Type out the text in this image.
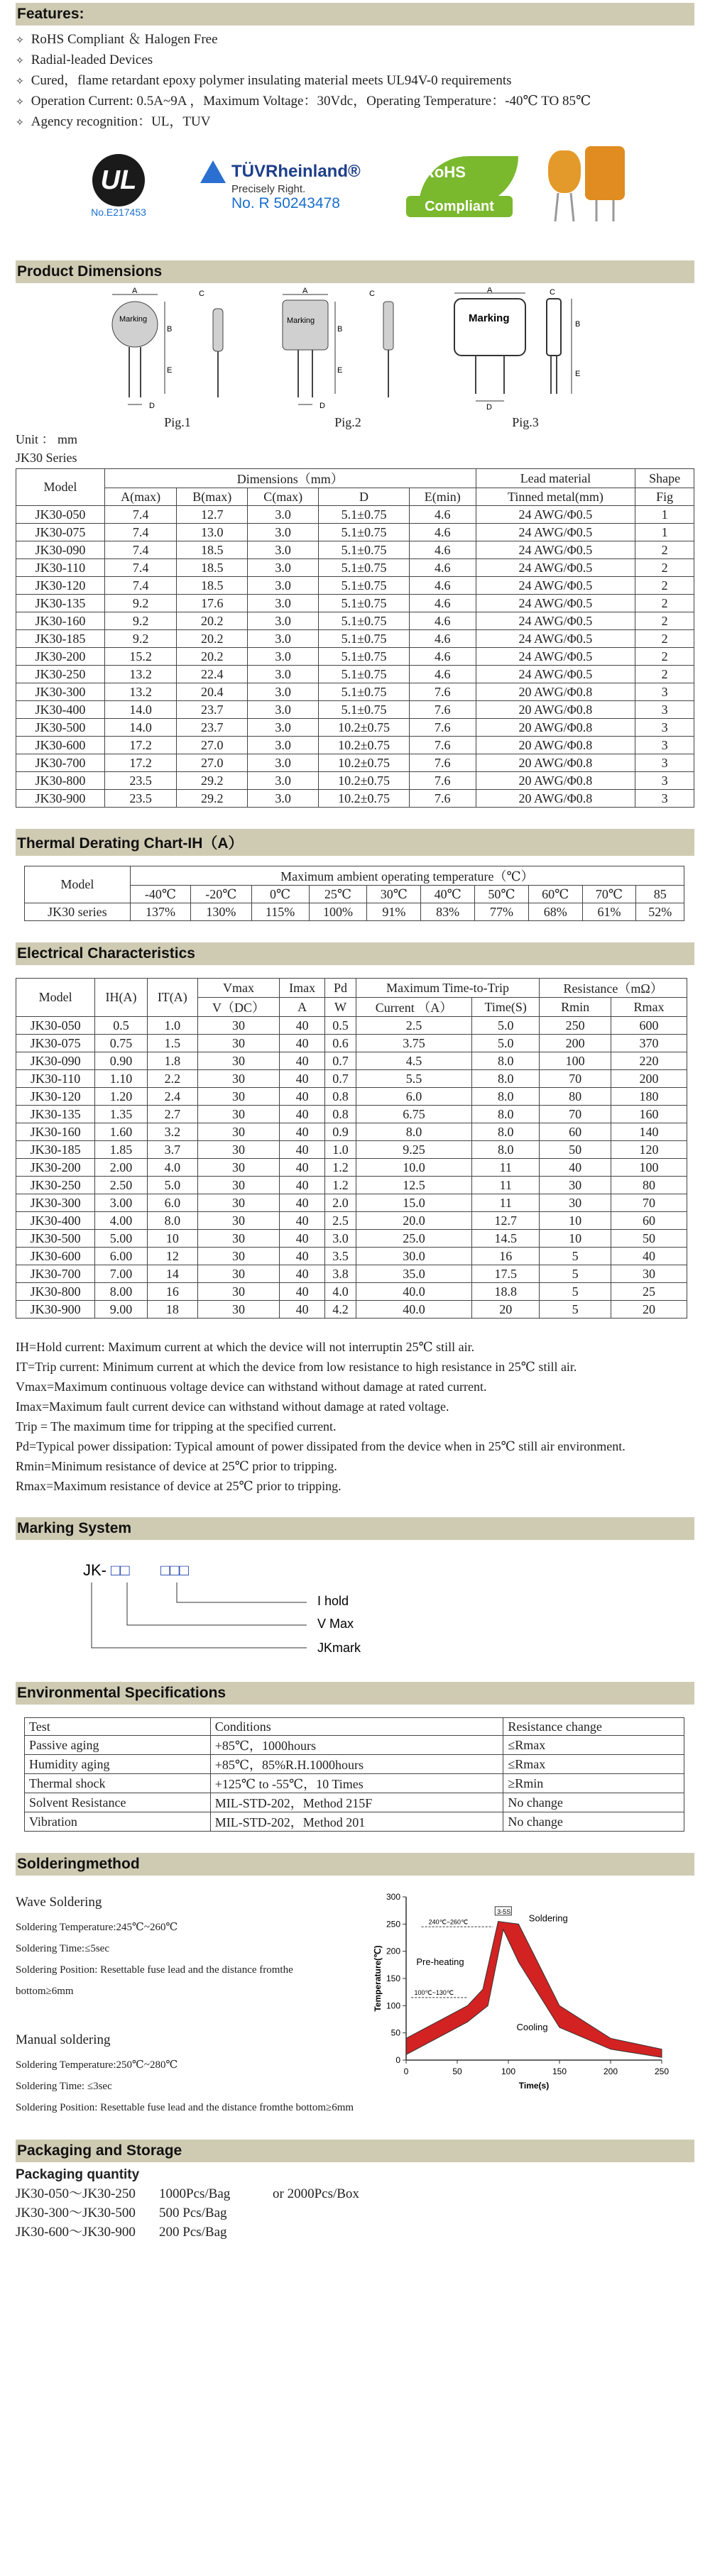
Features:
✧ RoHS Compliant ＆ Halogen Free
✧ Radial-leaded Devices
✧ Cured，flame retardant epoxy polymer insulating material meets UL94V-0 requirements
✧ Operation Current: 0.5A~9A ，Maximum Voltage：30Vdc，Operating Temperature：-40℃ TO 85℃
✧ Agency recognition：UL，TUV
UL
No.E217453
TÜVRheinland®
Precisely Right.
No. R 50243478
RoHS
Compliant
Product Dimensions
A
Marking
B
E
D
C
Pig.1
A
Marking
B
E
D
C
Pig.2
A
Marking
D
C
B
E
Pig.3
Unit ： mm
JK30 Series
Model	Dimensions（mm）					Lead material	Shape
	A(max)	B(max)	C(max)	D	E(min)	Tinned metal(mm)	Fig
JK30-050	7.4	12.7	3.0	5.1±0.75	4.6	24 AWG/Φ0.5	1
JK30-075	7.4	13.0	3.0	5.1±0.75	4.6	24 AWG/Φ0.5	1
JK30-090	7.4	18.5	3.0	5.1±0.75	4.6	24 AWG/Φ0.5	2
JK30-110	7.4	18.5	3.0	5.1±0.75	4.6	24 AWG/Φ0.5	2
JK30-120	7.4	18.5	3.0	5.1±0.75	4.6	24 AWG/Φ0.5	2
JK30-135	9.2	17.6	3.0	5.1±0.75	4.6	24 AWG/Φ0.5	2
JK30-160	9.2	20.2	3.0	5.1±0.75	4.6	24 AWG/Φ0.5	2
JK30-185	9.2	20.2	3.0	5.1±0.75	4.6	24 AWG/Φ0.5	2
JK30-200	15.2	20.2	3.0	5.1±0.75	4.6	24 AWG/Φ0.5	2
JK30-250	13.2	22.4	3.0	5.1±0.75	4.6	24 AWG/Φ0.5	2
JK30-300	13.2	20.4	3.0	5.1±0.75	7.6	20 AWG/Φ0.8	3
JK30-400	14.0	23.7	3.0	5.1±0.75	7.6	20 AWG/Φ0.8	3
JK30-500	14.0	23.7	3.0	10.2±0.75	7.6	20 AWG/Φ0.8	3
JK30-600	17.2	27.0	3.0	10.2±0.75	7.6	20 AWG/Φ0.8	3
JK30-700	17.2	27.0	3.0	10.2±0.75	7.6	20 AWG/Φ0.8	3
JK30-800	23.5	29.2	3.0	10.2±0.75	7.6	20 AWG/Φ0.8	3
JK30-900	23.5	29.2	3.0	10.2±0.75	7.6	20 AWG/Φ0.8	3
Thermal Derating Chart-IH（A）
Model	Maximum ambient operating temperature（℃）									
	-40℃	-20℃	0℃	25℃	30℃	40℃	50℃	60℃	70℃	85
JK30 series	137%	130%	115%	100%	91%	83%	77%	68%	61%	52%
Electrical Characteristics
Model	IH(A)	IT(A)	Vmax	Imax	Pd	Maximum Time-to-Trip		Resistance（mΩ）	
			V（DC）	A	W	Current （A）	Time(S)	Rmin	Rmax
JK30-050	0.5	1.0	30	40	0.5	2.5	5.0	250	600
JK30-075	0.75	1.5	30	40	0.6	3.75	5.0	200	370
JK30-090	0.90	1.8	30	40	0.7	4.5	8.0	100	220
JK30-110	1.10	2.2	30	40	0.7	5.5	8.0	70	200
JK30-120	1.20	2.4	30	40	0.8	6.0	8.0	80	180
JK30-135	1.35	2.7	30	40	0.8	6.75	8.0	70	160
JK30-160	1.60	3.2	30	40	0.9	8.0	8.0	60	140
JK30-185	1.85	3.7	30	40	1.0	9.25	8.0	50	120
JK30-200	2.00	4.0	30	40	1.2	10.0	11	40	100
JK30-250	2.50	5.0	30	40	1.2	12.5	11	30	80
JK30-300	3.00	6.0	30	40	2.0	15.0	11	30	70
JK30-400	4.00	8.0	30	40	2.5	20.0	12.7	10	60
JK30-500	5.00	10	30	40	3.0	25.0	14.5	10	50
JK30-600	6.00	12	30	40	3.5	30.0	16	5	40
JK30-700	7.00	14	30	40	3.8	35.0	17.5	5	30
JK30-800	8.00	16	30	40	4.0	40.0	18.8	5	25
JK30-900	9.00	18	30	40	4.2	40.0	20	5	20
IH=Hold current: Maximum current at which the device will not interruptin 25℃ still air.
IT=Trip current: Minimum current at which the device from low resistance to high resistance in 25℃ still air.
Vmax=Maximum continuous voltage device can withstand without damage at rated current.
Imax=Maximum fault current device can withstand without damage at rated voltage.
Trip = The maximum time for tripping at the specified current.
Pd=Typical power dissipation: Typical amount of power dissipated from the device when in 25℃ still air environment.
Rmin=Minimum resistance of device at 25℃ prior to tripping.
Rmax=Maximum resistance of device at 25℃ prior to tripping.
Marking System
JK- □□ □□□
I hold
V Max
JKmark
Environmental Specifications
Test	Conditions	Resistance change
Passive aging	+85℃，1000hours	≤Rmax
Humidity aging	+85℃，85%R.H.1000hours	≤Rmax
Thermal shock	+125℃ to -55℃，10 Times	≥Rmin
Solvent Resistance	MIL-STD-202，Method 215F	No change
Vibration	MIL-STD-202，Method 201	No change
Solderingmethod
Wave Soldering
Soldering Temperature:245℃~260℃
Soldering Time:≤5sec
Soldering Position: Resettable fuse lead and the distance fromthe
bottom≥6mm
Manual soldering
Soldering Temperature:250℃~280℃
Soldering Time: ≤3sec
Soldering Position: Resettable fuse lead and the distance fromthe bottom≥6mm
0	50	100	150	200	250
0
50
100
150
200
250
300
Time(s)
Temperature(℃)
240℃~260℃
100℃~130℃
3-5S
Soldering
Pre-heating
Cooling
Packaging and Storage
Packaging quantity
JK30-050～JK30-250 1000Pcs/Bag	or 2000Pcs/Box
JK30-300～JK30-500 500 Pcs/Bag
JK30-600～JK30-900 200 Pcs/Bag
